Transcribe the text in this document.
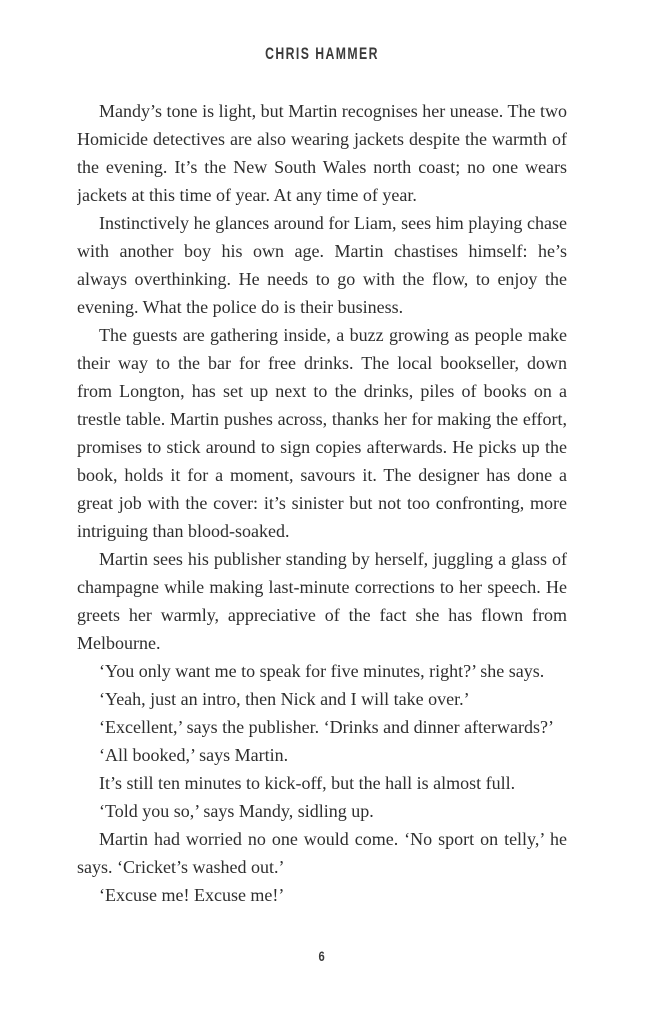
CHRIS HAMMER

Mandy’s tone is light, but Martin recognises her unease. The two Homicide detectives are also wearing jackets despite the warmth of the evening. It’s the New South Wales north coast; no one wears jackets at this time of year. At any time of year.

Instinctively he glances around for Liam, sees him playing chase with another boy his own age. Martin chastises himself: he’s always overthinking. He needs to go with the flow, to enjoy the evening. What the police do is their business.

The guests are gathering inside, a buzz growing as people make their way to the bar for free drinks. The local bookseller, down from Longton, has set up next to the drinks, piles of books on a trestle table. Martin pushes across, thanks her for making the effort, promises to stick around to sign copies afterwards. He picks up the book, holds it for a moment, savours it. The designer has done a great job with the cover: it’s sinister but not too confronting, more intriguing than blood-soaked.

Martin sees his publisher standing by herself, juggling a glass of champagne while making last-minute corrections to her speech. He greets her warmly, appreciative of the fact she has flown from Melbourne.

‘You only want me to speak for five minutes, right?’ she says.

‘Yeah, just an intro, then Nick and I will take over.’

‘Excellent,’ says the publisher. ‘Drinks and dinner afterwards?’

‘All booked,’ says Martin.

It’s still ten minutes to kick-off, but the hall is almost full.

‘Told you so,’ says Mandy, sidling up.

Martin had worried no one would come. ‘No sport on telly,’ he says. ‘Cricket’s washed out.’

‘Excuse me! Excuse me!’

6
